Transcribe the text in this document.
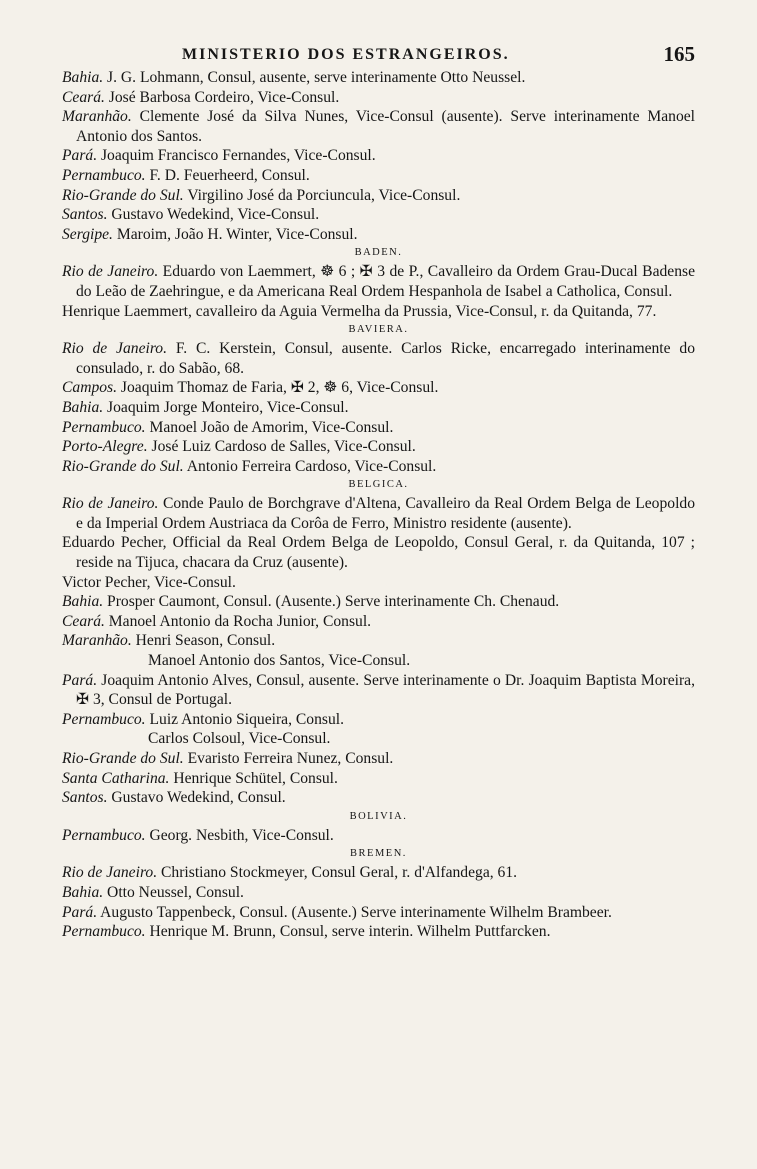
MINISTERIO DOS ESTRANGEIROS.	165
Bahia. J. G. Lohmann, Consul, ausente, serve interinamente Otto Neussel.
Ceará. José Barbosa Cordeiro, Vice-Consul.
Maranhão. Clemente José da Silva Nunes, Vice-Consul (ausente). Serve interinamente Manoel Antonio dos Santos.
Pará. Joaquim Francisco Fernandes, Vice-Consul.
Pernambuco. F. D. Feuerheerd, Consul.
Rio-Grande do Sul. Virgilino José da Porciuncula, Vice-Consul.
Santos. Gustavo Wedekind, Vice-Consul.
Sergipe. Maroim, João H. Winter, Vice-Consul.
BADEN.
Rio de Janeiro. Eduardo von Laemmert, ☸ 6 ; ✠ 3 de P., Cavalleiro da Ordem Grau-Ducal Badense do Leão de Zaehringue, e da Americana Real Ordem Hespanhola de Isabel a Catholica, Consul.
Henrique Laemmert, cavalleiro da Aguia Vermelha da Prussia, Vice-Consul, r. da Quitanda, 77.
BAVIERA.
Rio de Janeiro. F. C. Kerstein, Consul, ausente. Carlos Ricke, encarregado interinamente do consulado, r. do Sabão, 68.
Campos. Joaquim Thomaz de Faria, ✠ 2, ☸ 6, Vice-Consul.
Bahia. Joaquim Jorge Monteiro, Vice-Consul.
Pernambuco. Manoel João de Amorim, Vice-Consul.
Porto-Alegre. José Luiz Cardoso de Salles, Vice-Consul.
Rio-Grande do Sul. Antonio Ferreira Cardoso, Vice-Consul.
BELGICA.
Rio de Janeiro. Conde Paulo de Borchgrave d'Altena, Cavalleiro da Real Ordem Belga de Leopoldo e da Imperial Ordem Austriaca da Corôa de Ferro, Ministro residente (ausente).
Eduardo Pecher, Official da Real Ordem Belga de Leopoldo, Consul Geral, r. da Quitanda, 107 ; reside na Tijuca, chacara da Cruz (ausente).
Victor Pecher, Vice-Consul.
Bahia. Prosper Caumont, Consul. (Ausente.) Serve interinamente Ch. Chenaud.
Ceará. Manoel Antonio da Rocha Junior, Consul.
Maranhão. Henri Season, Consul.
Manoel Antonio dos Santos, Vice-Consul.
Pará. Joaquim Antonio Alves, Consul, ausente. Serve interinamente o Dr. Joaquim Baptista Moreira, ✠ 3, Consul de Portugal.
Pernambuco. Luiz Antonio Siqueira, Consul.
Carlos Colsoul, Vice-Consul.
Rio-Grande do Sul. Evaristo Ferreira Nunez, Consul.
Santa Catharina. Henrique Schütel, Consul.
Santos. Gustavo Wedekind, Consul.
BOLIVIA.
Pernambuco. Georg. Nesbith, Vice-Consul.
BREMEN.
Rio de Janeiro. Christiano Stockmeyer, Consul Geral, r. d'Alfandega, 61.
Bahia. Otto Neussel, Consul.
Pará. Augusto Tappenbeck, Consul. (Ausente.) Serve interinamente Wilhelm Brambeer.
Pernambuco. Henrique M. Brunn, Consul, serve interin. Wilhelm Puttfarcken.
